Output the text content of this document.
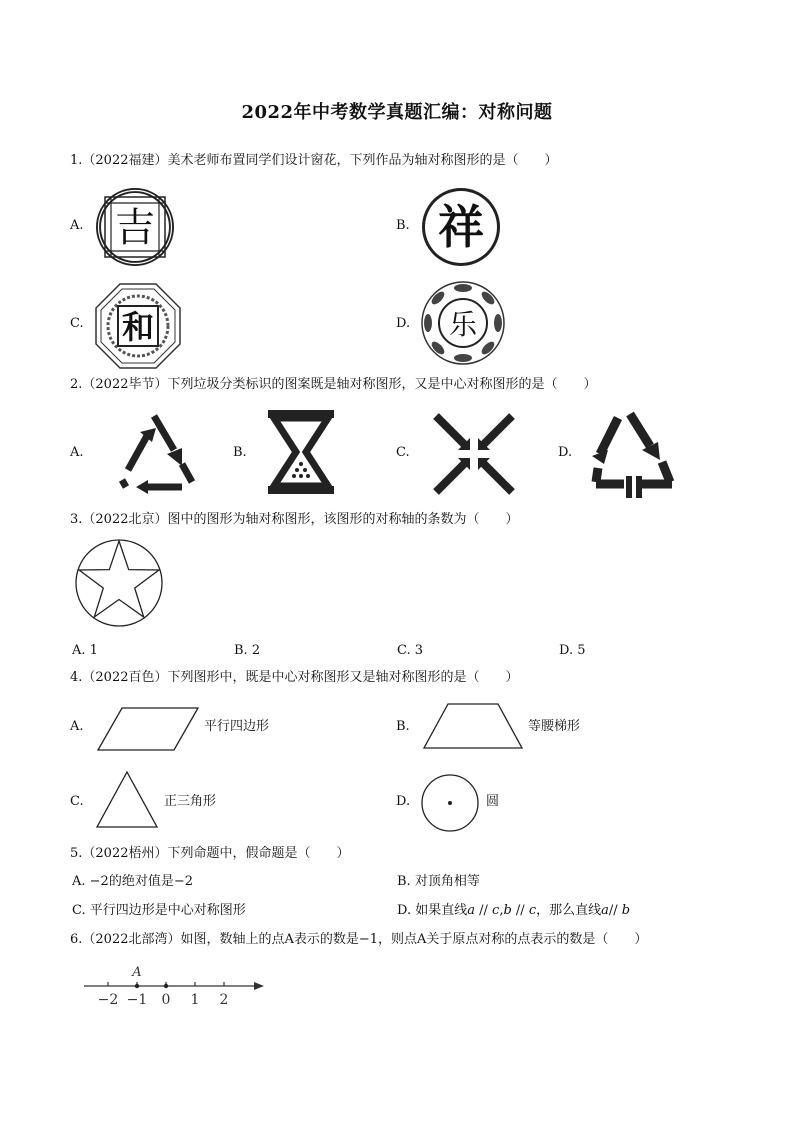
2022年中考数学真题汇编：对称问题
1.（2022福建）美术老师布置同学们设计窗花，下列作品为轴对称图形的是（　　）
A. 吉	B. 祥
C. 和	D. 乐
2.（2022毕节）下列垃圾分类标识的图案既是轴对称图形，又是中心对称图形的是（　　）
A.	B.	C.	D.
3.（2022北京）图中的图形为轴对称图形，该图形的对称轴的条数为（　　）
A. 1	B. 2	C. 3	D. 5
4.（2022百色）下列图形中，既是中心对称图形又是轴对称图形的是（　　）
A.	平行四边形	B.	等腰梯形
C.	正三角形	D.	圆
5.（2022梧州）下列命题中，假命题是（　　）
A. −2的绝对值是−2	B. 对顶角相等
C. 平行四边形是中心对称图形	D. 如果直线a // c,b // c，那么直线a// b
6.（2022北部湾）如图，数轴上的点A表示的数是−1，则点A关于原点对称的点表示的数是（　　）
A
−2 −1 0 1 2
